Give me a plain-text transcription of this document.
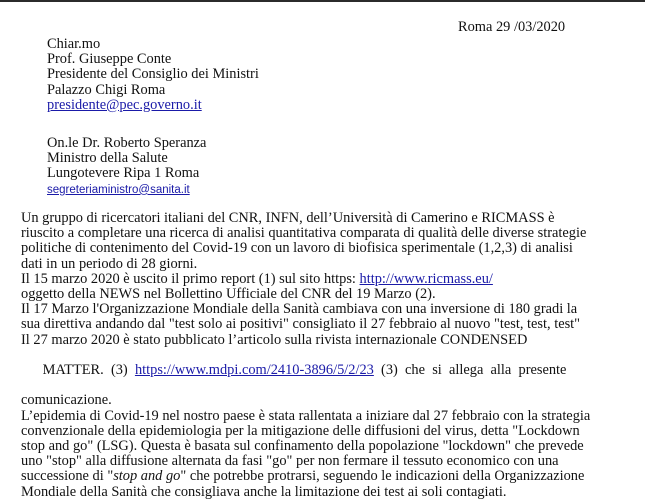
Roma 29 /03/2020
Chiar.mo
Prof. Giuseppe Conte
Presidente del Consiglio dei Ministri
Palazzo Chigi Roma
presidente@pec.governo.it
On.le Dr. Roberto Speranza
Ministro della Salute
Lungotevere Ripa 1 Roma
segreteriaministro@sanita.it
Un gruppo di ricercatori italiani del CNR, INFN, dell’Università di Camerino e RICMASS è
riuscito a completare una ricerca di analisi quantitativa comparata di qualità delle diverse strategie
politiche di contenimento del Covid-19 con un lavoro di biofisica sperimentale (1,2,3) di analisi
dati in un periodo di 28 giorni.
Il 15 marzo 2020 è uscito il primo report (1) sul sito https: http://www.ricmass.eu/
oggetto della NEWS nel Bollettino Ufficiale del CNR del 19 Marzo (2).
Il 17 Marzo l'Organizzazione Mondiale della Sanità cambiava con una inversione di 180 gradi la
sua direttiva andando dal "test solo ai positivi" consigliato il 27 febbraio al nuovo "test, test, test"
Il 27 marzo 2020 è stato pubblicato l’articolo sulla rivista internazionale CONDENSED

MATTER.  (3)  https://www.mdpi.com/2410-3896/5/2/23  (3)  che  si  allega  alla  presente

comunicazione.
L’epidemia di Covid-19 nel nostro paese è stata rallentata a iniziare dal 27 febbraio con la strategia
convenzionale della epidemiologia per la mitigazione delle diffusioni del virus, detta "Lockdown
stop and go" (LSG). Questa è basata sul confinamento della popolazione "lockdown" che prevede
uno "stop" alla diffusione alternata da fasi "go" per non fermare il tessuto economico con una
successione di "stop and go" che potrebbe protrarsi, seguendo le indicazioni della Organizzazione
Mondiale della Sanità che consigliava anche la limitazione dei test ai soli contagiati.
